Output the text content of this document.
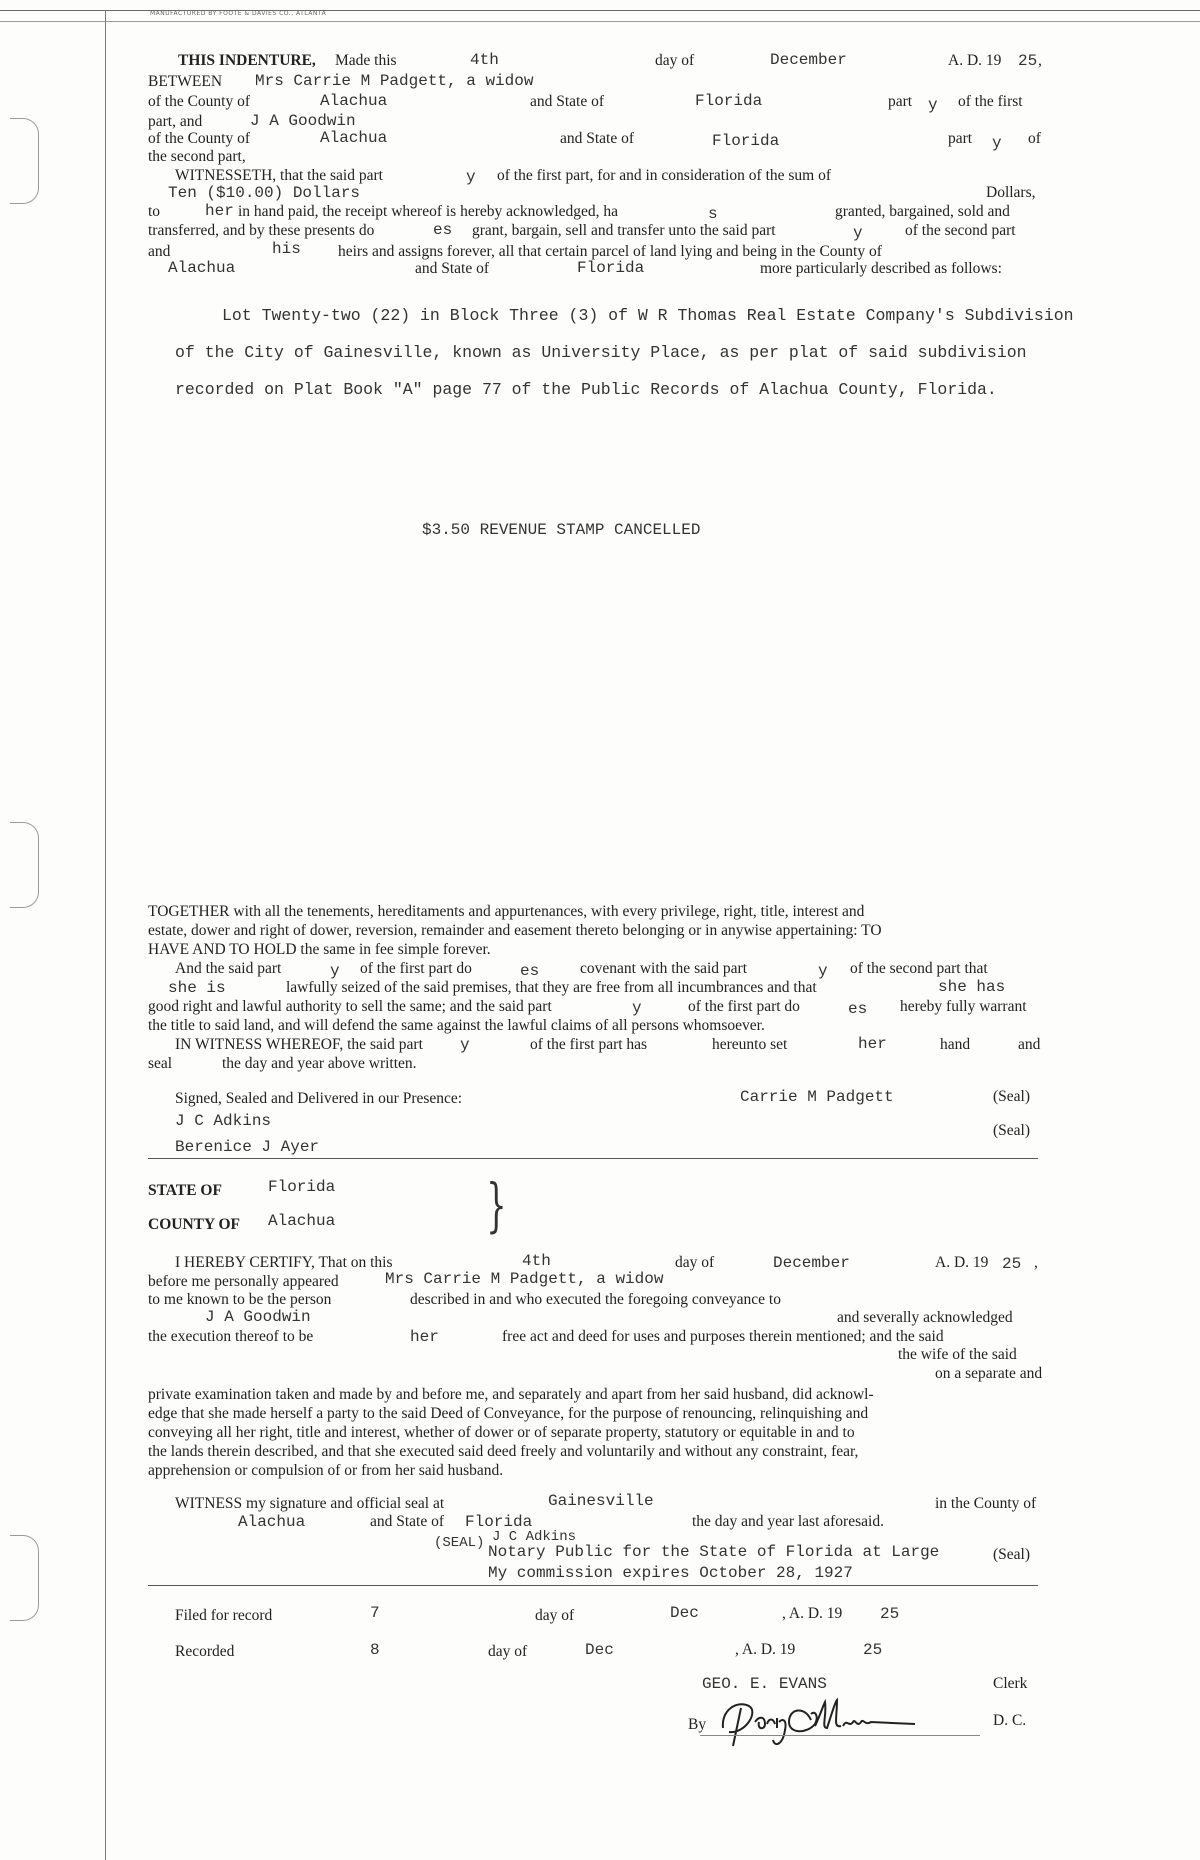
MANUFACTURED BY FOOTE & DAVIES CO., ATLANTA
THIS INDENTURE, Made this	4th	day of	December	A. D. 19 25 ,
BETWEEN Mrs Carrie M Padgett, a widow
of the County of	Alachua	and State of	Florida	part y of the first
part, and	J A Goodwin
of the County of	Alachua	and State of	Florida	part y of
the second part,
WITNESSETH, that the said part	y of the first part, for and in consideration of the sum of
Ten ($10.00) Dollars	Dollars,
to	her in hand paid, the receipt whereof is hereby acknowledged, ha	s	granted, bargained, sold and
transferred, and by these presents do	es grant, bargain, sell and transfer unto the said part	y	of the second part
and	his heirs and assigns forever, all that certain parcel of land lying and being in the County of
Alachua	and State of	Florida	more particularly described as follows:
Lot Twenty-two (22) in Block Three (3) of W R Thomas Real Estate Company's Subdivision
of the City of Gainesville, known as University Place, as per plat of said subdivision
recorded on Plat Book "A" page 77 of the Public Records of Alachua County, Florida.
$3.50 REVENUE STAMP CANCELLED
TOGETHER with all the tenements, hereditaments and appurtenances, with every privilege, right, title, interest and
estate, dower and right of dower, reversion, remainder and easement thereto belonging or in anywise appertaining: TO
HAVE AND TO HOLD the same in fee simple forever.
And the said part	y of the first part do	es	covenant with the said part	y of the second part that
she is	lawfully seized of the said premises, that they are free from all incumbrances and that	she has
good right and lawful authority to sell the same; and the said part	y	of the first part do	es hereby fully warrant
the title to said land, and will defend the same against the lawful claims of all persons whomsoever.
IN WITNESS WHEREOF, the said part y	of the first part has	hereunto set	her	hand	and
seal	the day and year above written.
Signed, Sealed and Delivered in our Presence:	Carrie M Padgett	(Seal)
J C Adkins
(Seal)
Berenice J Ayer
STATE OF	Florida
COUNTY OF Alachua	}
I HEREBY CERTIFY, That on this	4th	day of	December	A. D. 19 25 ,
before me personally appeared	Mrs Carrie M Padgett, a widow
to me known to be the person	described in and who executed the foregoing conveyance to
J A Goodwin	and severally acknowledged
the execution thereof to be	her	free act and deed for uses and purposes therein mentioned; and the said
the wife of the said
on a separate and
private examination taken and made by and before me, and separately and apart from her said husband, did acknowl-
edge that she made herself a party to the said Deed of Conveyance, for the purpose of renouncing, relinquishing and
conveying all her right, title and interest, whether of dower or of separate property, statutory or equitable in and to
the lands therein described, and that she executed said deed freely and voluntarily and without any constraint, fear,
apprehension or compulsion of or from her said husband.
WITNESS my signature and official seal at	Gainesville	in the County of
Alachua	and State of Florida	the day and year last aforesaid.
(SEAL) J C Adkins
Notary Public for the State of Florida at Large	(Seal)
My commission expires October 28, 1927
Filed for record	7	day of	Dec	, A. D. 19 25
Recorded	8	day of	Dec	, A. D. 19	25
GEO. E. EVANS	Clerk
By	D. C.
